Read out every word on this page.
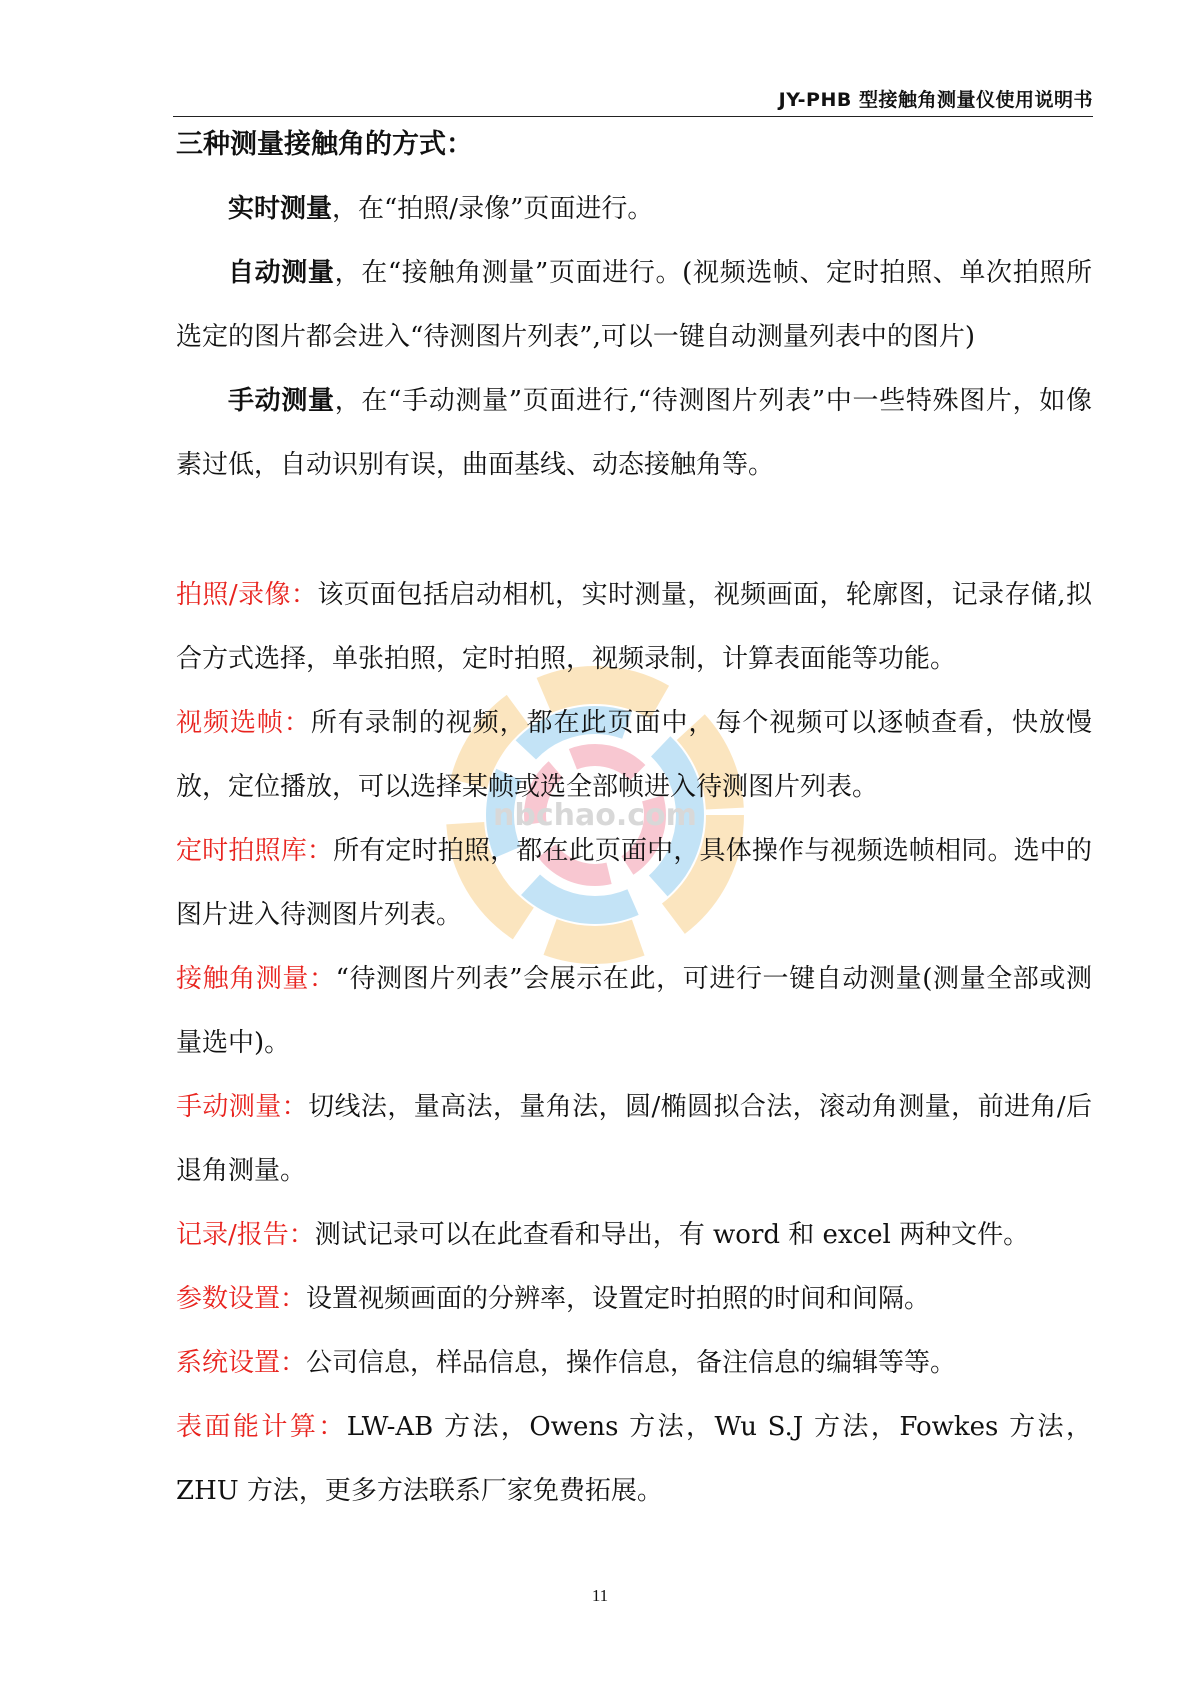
JY-PHB 型接触角测量仪使用说明书
nbchao.com
三种测量接触角的方式：

实时测量，在“拍照/录像”页面进行。

自动测量，在“接触角测量”页面进行。(视频选帧、定时拍照、单次拍照所选定的图片都会进入“待测图片列表”,可以一键自动测量列表中的图片)

手动测量，在“手动测量”页面进行,“待测图片列表”中一些特殊图片，如像素过低，自动识别有误，曲面基线、动态接触角等。

拍照/录像：该页面包括启动相机，实时测量，视频画面，轮廓图，记录存储,拟合方式选择，单张拍照，定时拍照，视频录制，计算表面能等功能。

视频选帧：所有录制的视频，都在此页面中，每个视频可以逐帧查看，快放慢放，定位播放，可以选择某帧或选全部帧进入待测图片列表。

定时拍照库：所有定时拍照，都在此页面中，具体操作与视频选帧相同。选中的图片进入待测图片列表。

接触角测量：“待测图片列表”会展示在此，可进行一键自动测量(测量全部或测量选中)。

手动测量：切线法，量高法，量角法，圆/椭圆拟合法，滚动角测量，前进角/后退角测量。

记录/报告：测试记录可以在此查看和导出，有 word 和 excel 两种文件。

参数设置：设置视频画面的分辨率，设置定时拍照的时间和间隔。

系统设置：公司信息，样品信息，操作信息，备注信息的编辑等等。

表面能计算：LW-AB 方法，Owens 方法，Wu S.J 方法，Fowkes 方法，ZHU 方法，更多方法联系厂家免费拓展。

11
